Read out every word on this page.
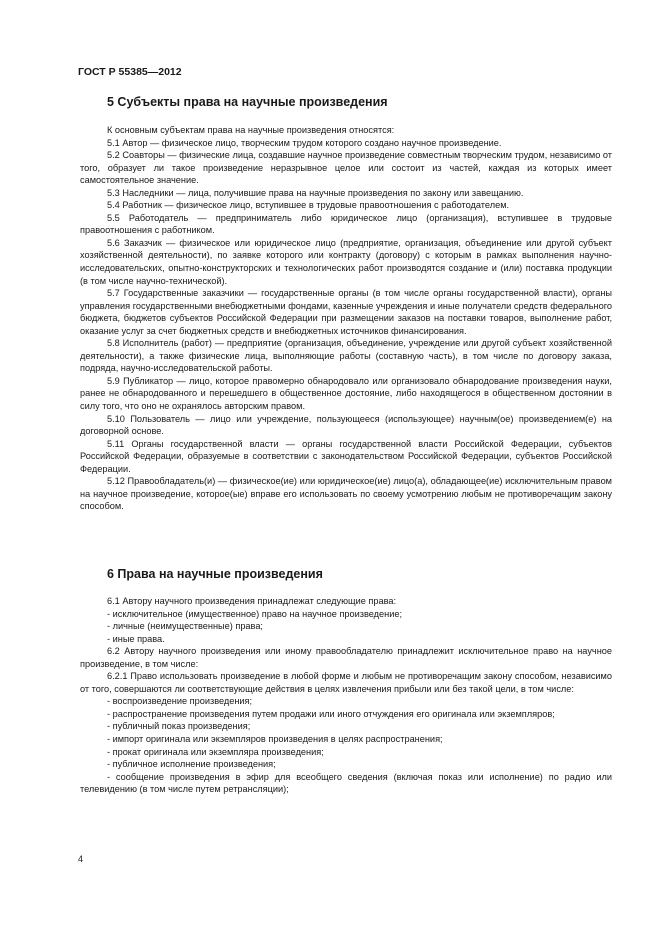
ГОСТ Р 55385—2012
5 Субъекты права на научные произведения

К основным субъектам права на научные произведения относятся:

5.1 Автор — физическое лицо, творческим трудом которого создано научное произведение.

5.2 Соавторы — физические лица, создавшие научное произведение совместным творческим трудом, независимо от того, образует ли такое произведение неразрывное целое или состоит из частей, каждая из которых имеет самостоятельное значение.

5.3 Наследники — лица, получившие права на научные произведения по закону или завещанию.

5.4 Работник — физическое лицо, вступившее в трудовые правоотношения с работодателем.

5.5 Работодатель — предприниматель либо юридическое лицо (организация), вступившее в трудовые правоотношения с работником.

5.6 Заказчик — физическое или юридическое лицо (предприятие, организация, объединение или другой субъект хозяйственной деятельности), по заявке которого или контракту (договору) с которым в рамках выполнения научно-исследовательских, опытно-конструкторских и технологических работ производятся создание и (или) поставка продукции (в том числе научно-технической).

5.7 Государственные заказчики — государственные органы (в том числе органы государственной власти), органы управления государственными внебюджетными фондами, казенные учреждения и иные получатели средств федерального бюджета, бюджетов субъектов Российской Федерации при размещении заказов на поставки товаров, выполнение работ, оказание услуг за счет бюджетных средств и внебюджетных источников финансирования.

5.8 Исполнитель (работ) — предприятие (организация, объединение, учреждение или другой субъект хозяйственной деятельности), а также физические лица, выполняющие работы (составную часть), в том числе по договору заказа, подряда, научно-исследовательской работы.

5.9 Публикатор — лицо, которое правомерно обнародовало или организовало обнародование произведения науки, ранее не обнародованного и перешедшего в общественное достояние, либо находящегося в общественном достоянии в силу того, что оно не охранялось авторским правом.

5.10 Пользователь — лицо или учреждение, пользующееся (использующее) научным(ое) произведением(е) на договорной основе.

5.11 Органы государственной власти — органы государственной власти Российской Федерации, субъектов Российской Федерации, образуемые в соответствии с законодательством Российской Федерации, субъектов Российской Федерации.

5.12 Правообладатель(и) — физическое(ие) или юридическое(ие) лицо(а), обладающее(ие) исключительным правом на научное произведение, которое(ые) вправе его использовать по своему усмотрению любым не противоречащим закону способом.

6 Права на научные произведения

6.1 Автору научного произведения принадлежат следующие права:

- исключительное (имущественное) право на научное произведение;

- личные (неимущественные) права;

- иные права.

6.2 Автору научного произведения или иному правообладателю принадлежит исключительное право на научное произведение, в том числе:

6.2.1 Право использовать произведение в любой форме и любым не противоречащим закону способом, независимо от того, совершаются ли соответствующие действия в целях извлечения прибыли или без такой цели, в том числе:

- воспроизведение произведения;

- распространение произведения путем продажи или иного отчуждения его оригинала или экземпляров;

- публичный показ произведения;

- импорт оригинала или экземпляров произведения в целях распространения;

- прокат оригинала или экземпляра произведения;

- публичное исполнение произведения;

- сообщение произведения в эфир для всеобщего сведения (включая показ или исполнение) по радио или телевидению (в том числе путем ретрансляции);

4
